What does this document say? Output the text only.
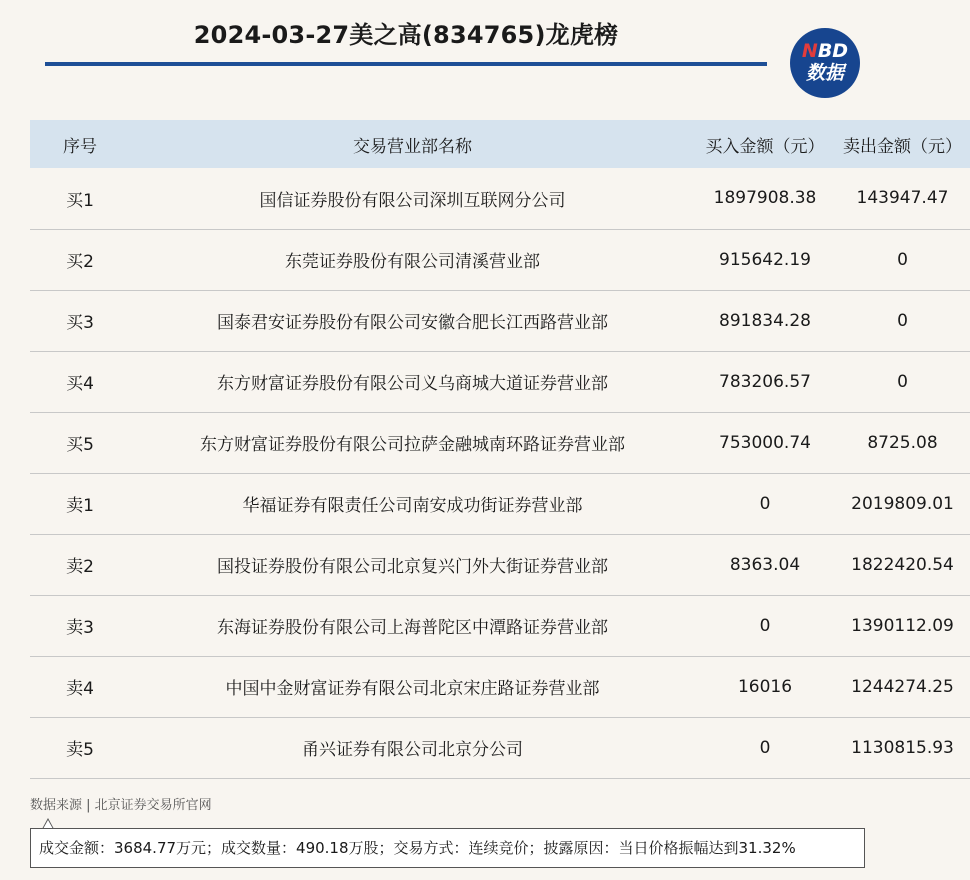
2024-03-27美之高(834765)龙虎榜
NBD
数据
序号	交易营业部名称	买入金额（元）	卖出金额（元）
买1	国信证券股份有限公司深圳互联网分公司	1897908.38	143947.47
买2	东莞证券股份有限公司清溪营业部	915642.19	0
买3	国泰君安证券股份有限公司安徽合肥长江西路营业部	891834.28	0
买4	东方财富证券股份有限公司义乌商城大道证券营业部	783206.57	0
买5	东方财富证券股份有限公司拉萨金融城南环路证券营业部	753000.74	8725.08
卖1	华福证券有限责任公司南安成功街证券营业部	0	2019809.01
卖2	国投证券股份有限公司北京复兴门外大街证券营业部	8363.04	1822420.54
卖3	东海证券股份有限公司上海普陀区中潭路证券营业部	0	1390112.09
卖4	中国中金财富证券有限公司北京宋庄路证券营业部	16016	1244274.25
卖5	甬兴证券有限公司北京分公司	0	1130815.93
数据来源 | 北京证券交易所官网
成交金额：3684.77万元；成交数量：490.18万股；交易方式：连续竞价；披露原因：当日价格振幅达到31.32%
